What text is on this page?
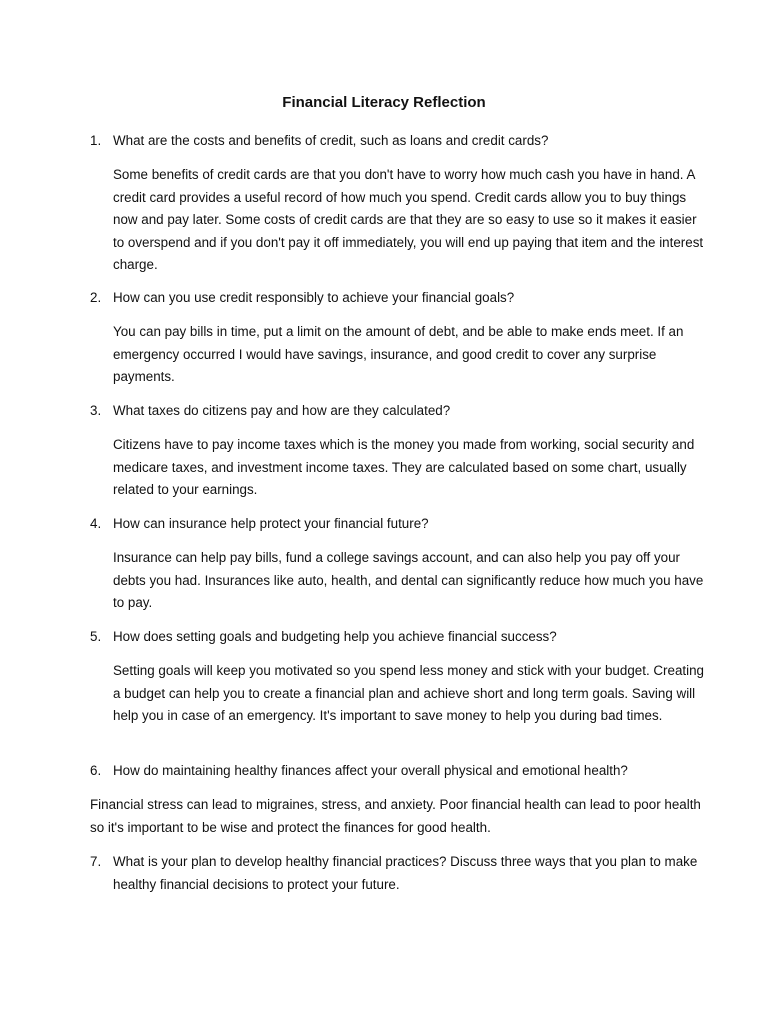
Financial Literacy Reflection
1. What are the costs and benefits of credit, such as loans and credit cards?
Some benefits of credit cards are that you don't have to worry how much cash you have in hand. A credit card provides a useful record of how much you spend. Credit cards allow you to buy things now and pay later. Some costs of credit cards are that they are so easy to use so it makes it easier to overspend and if you don't pay it off immediately, you will end up paying that item and the interest charge.
2. How can you use credit responsibly to achieve your financial goals?
You can pay bills in time, put a limit on the amount of debt, and be able to make ends meet. If an emergency occurred I would have savings, insurance, and good credit to cover any surprise payments.
3. What taxes do citizens pay and how are they calculated?
Citizens have to pay income taxes which is the money you made from working, social security and medicare taxes, and investment income taxes. They are calculated based on some chart, usually related to your earnings.
4. How can insurance help protect your financial future?
Insurance can help pay bills, fund a college savings account, and can also help you pay off your debts you had. Insurances like auto, health, and dental can significantly reduce how much you have to pay.
5. How does setting goals and budgeting help you achieve financial success?
Setting goals will keep you motivated so you spend less money and stick with your budget. Creating a budget can help you to create a financial plan and achieve short and long term goals. Saving will help you in case of an emergency. It's important to save money to help you during bad times.
6. How do maintaining healthy finances affect your overall physical and emotional health?
Financial stress can lead to migraines, stress, and anxiety. Poor financial health can lead to poor health so it's important to be wise and protect the finances for good health.
7. What is your plan to develop healthy financial practices? Discuss three ways that you plan to make healthy financial decisions to protect your future.
